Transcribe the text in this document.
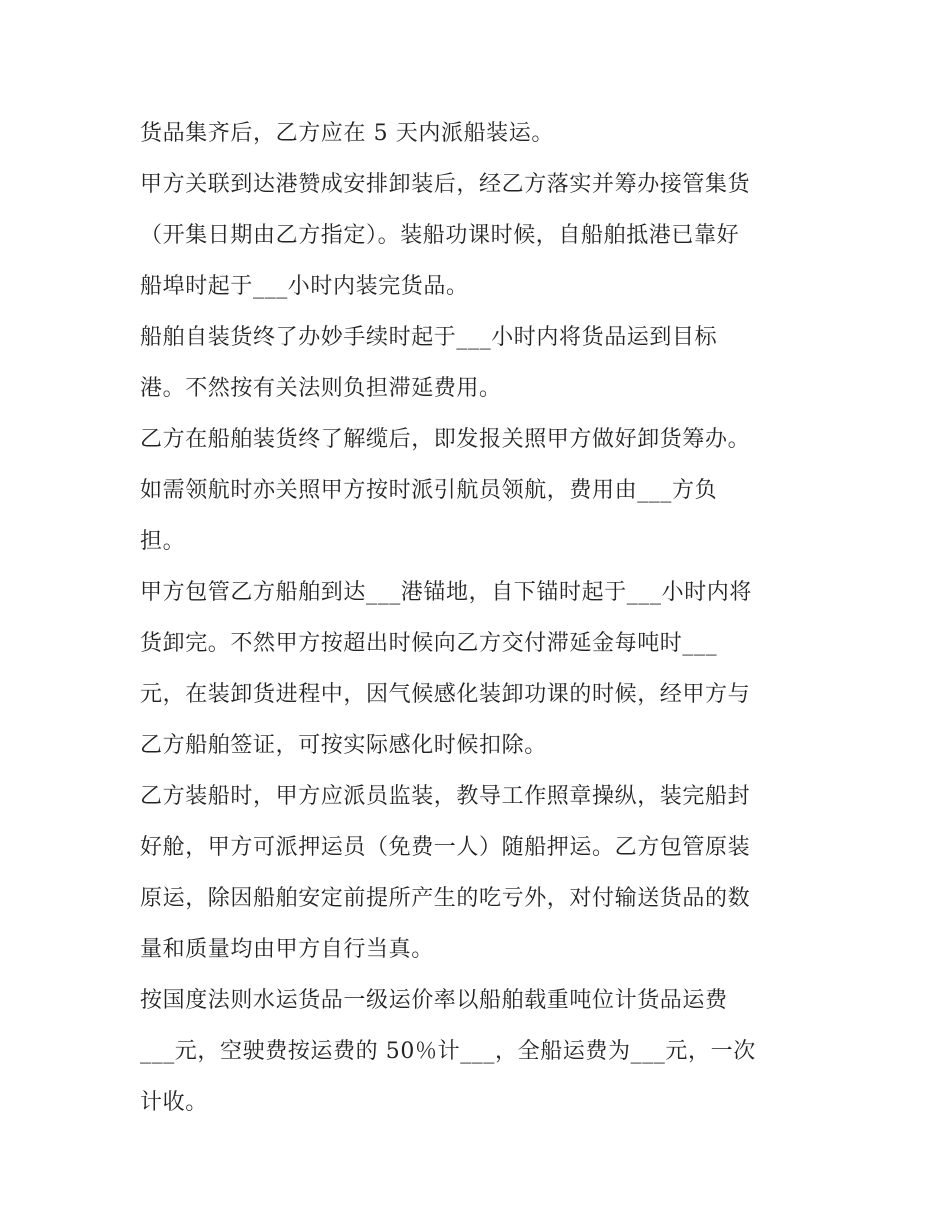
货品集齐后，乙方应在 5 天内派船装运。
甲方关联到达港赞成安排卸装后，经乙方落实并筹办接管集货
（开集日期由乙方指定）。装船功课时候，自船舶抵港已靠好
船埠时起于___小时内装完货品。
船舶自装货终了办妙手续时起于___小时内将货品运到目标
港。不然按有关法则负担滞延费用。
乙方在船舶装货终了解缆后，即发报关照甲方做好卸货筹办。
如需领航时亦关照甲方按时派引航员领航，费用由___方负
担。
甲方包管乙方船舶到达___港锚地，自下锚时起于___小时内将
货卸完。不然甲方按超出时候向乙方交付滞延金每吨时___
元，在装卸货进程中，因气候感化装卸功课的时候，经甲方与
乙方船舶签证，可按实际感化时候扣除。
乙方装船时，甲方应派员监装，教导工作照章操纵，装完船封
好舱，甲方可派押运员（免费一人）随船押运。乙方包管原装
原运，除因船舶安定前提所产生的吃亏外，对付输送货品的数
量和质量均由甲方自行当真。
按国度法则水运货品一级运价率以船舶载重吨位计货品运费
___元，空驶费按运费的 50％计___，全船运费为___元，一次
计收。
